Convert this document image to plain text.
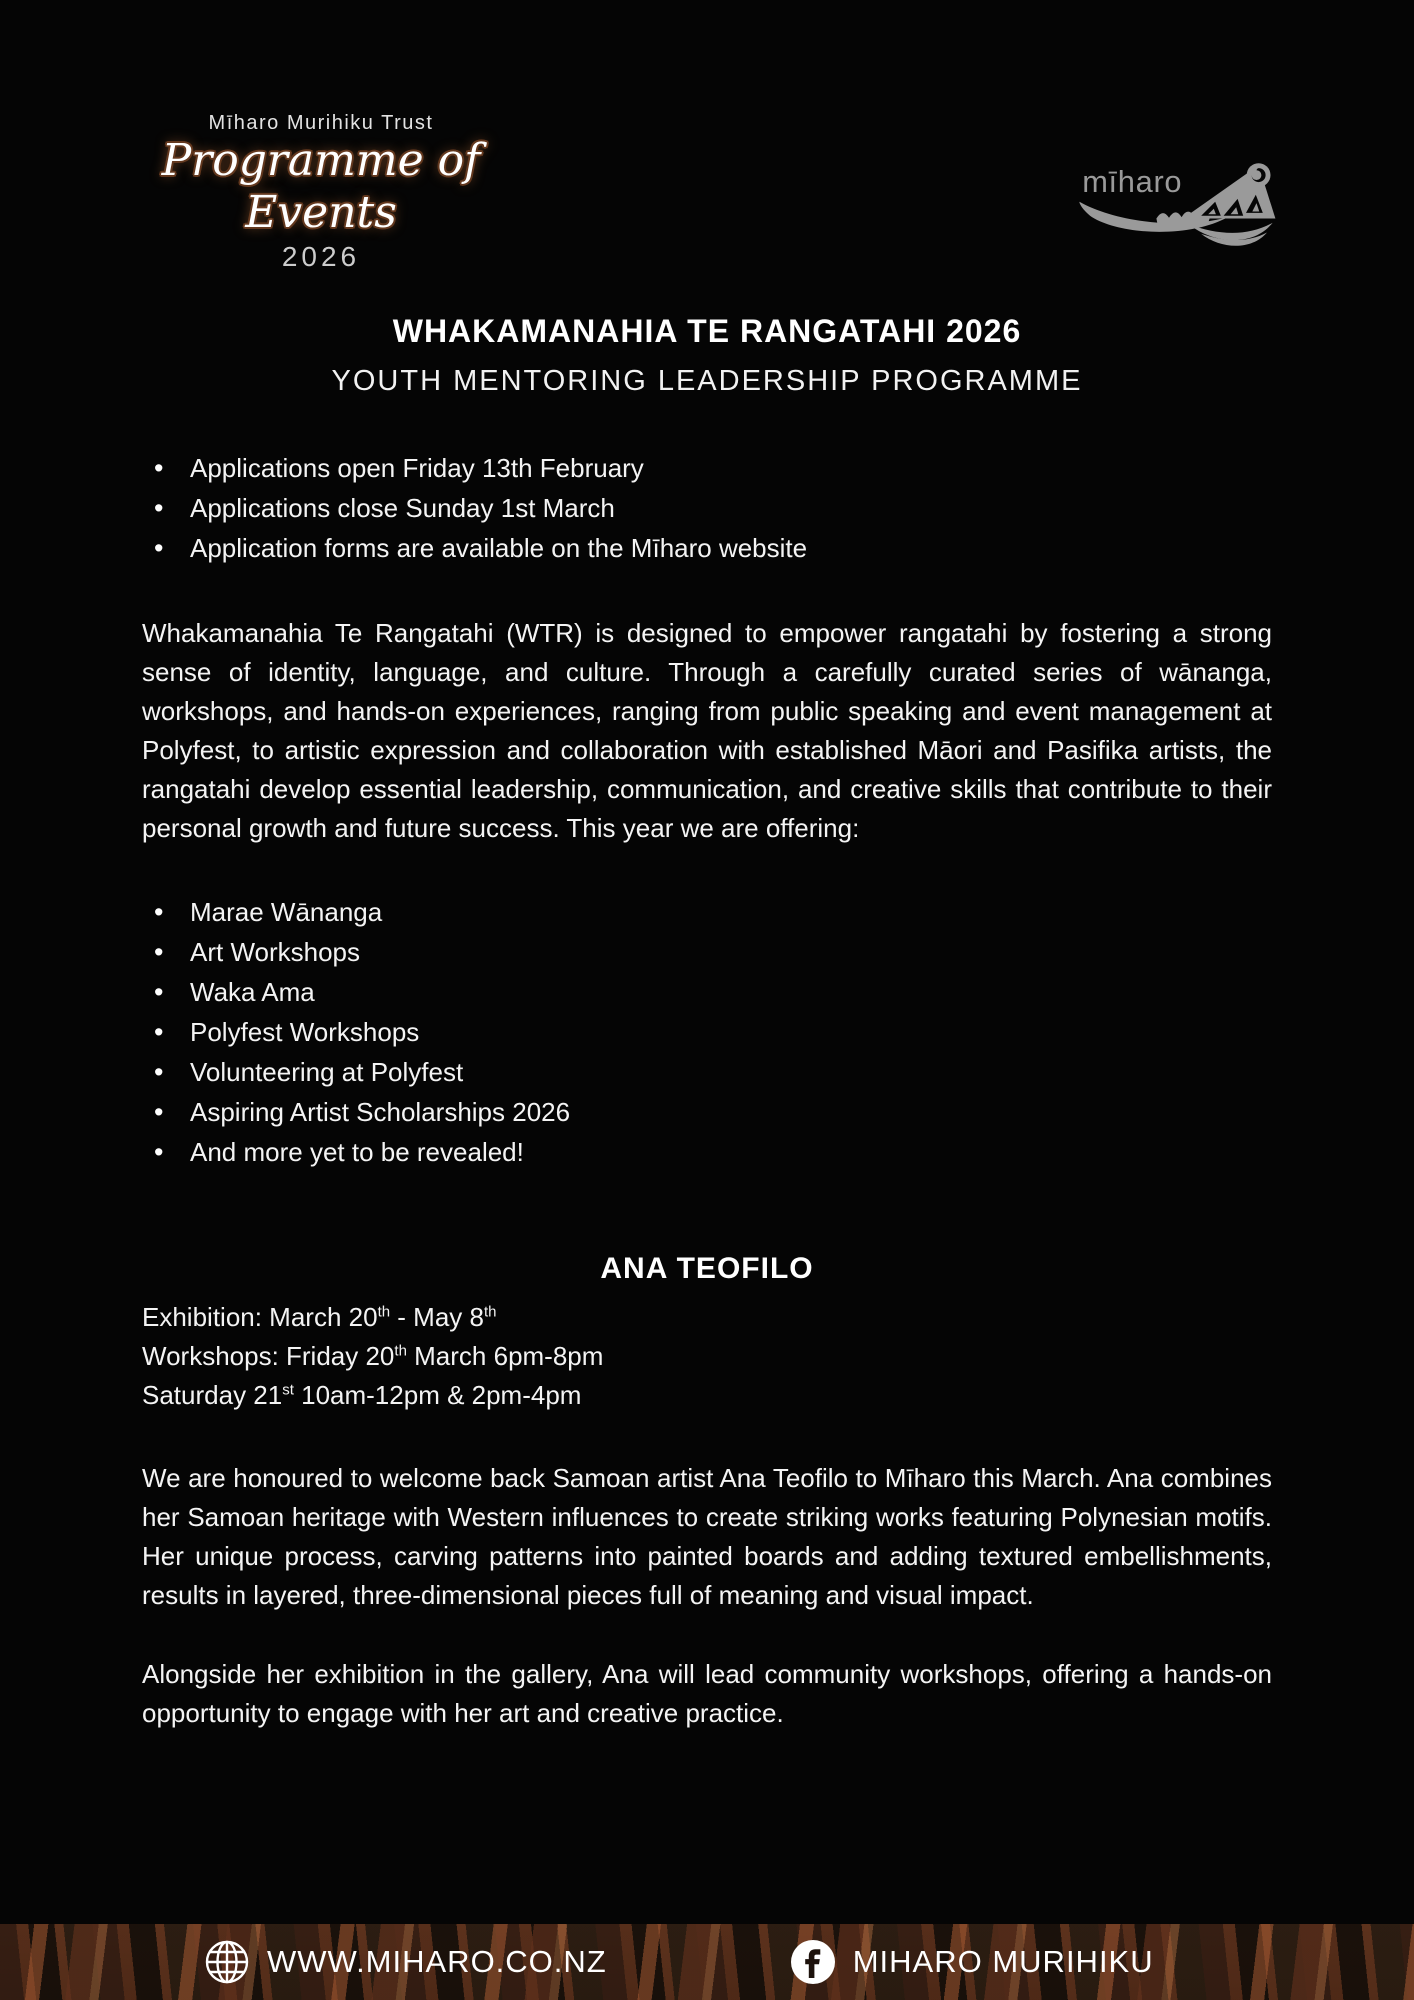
Mīharo Murihiku Trust
Programme of Events
2026
mīharo
WHAKAMANAHIA TE RANGATAHI 2026
YOUTH MENTORING LEADERSHIP PROGRAMME
• Applications open Friday 13th February
• Applications close Sunday 1st March
• Application forms are available on the Mīharo website

Whakamanahia Te Rangatahi (WTR) is designed to empower rangatahi by fostering a strong sense of identity, language, and culture. Through a carefully curated series of wānanga, workshops, and hands-on experiences, ranging from public speaking and event management at Polyfest, to artistic expression and collaboration with established Māori and Pasifika artists, the rangatahi develop essential leadership, communication, and creative skills that contribute to their personal growth and future success. This year we are offering:

• Marae Wānanga
• Art Workshops
• Waka Ama
• Polyfest Workshops
• Volunteering at Polyfest
• Aspiring Artist Scholarships 2026
• And more yet to be revealed!
ANA TEOFILO
Exhibition: March 20th - May 8th
Workshops: Friday 20th March 6pm-8pm
Saturday 21st 10am-12pm & 2pm-4pm

We are honoured to welcome back Samoan artist Ana Teofilo to Mīharo this March. Ana combines her Samoan heritage with Western influences to create striking works featuring Polynesian motifs. Her unique process, carving patterns into painted boards and adding textured embellishments, results in layered, three-dimensional pieces full of meaning and visual impact.

Alongside her exhibition in the gallery, Ana will lead community workshops, offering a hands-on opportunity to engage with her art and creative practice.

WWW.MIHARO.CO.NZ	MIHARO MURIHIKU
